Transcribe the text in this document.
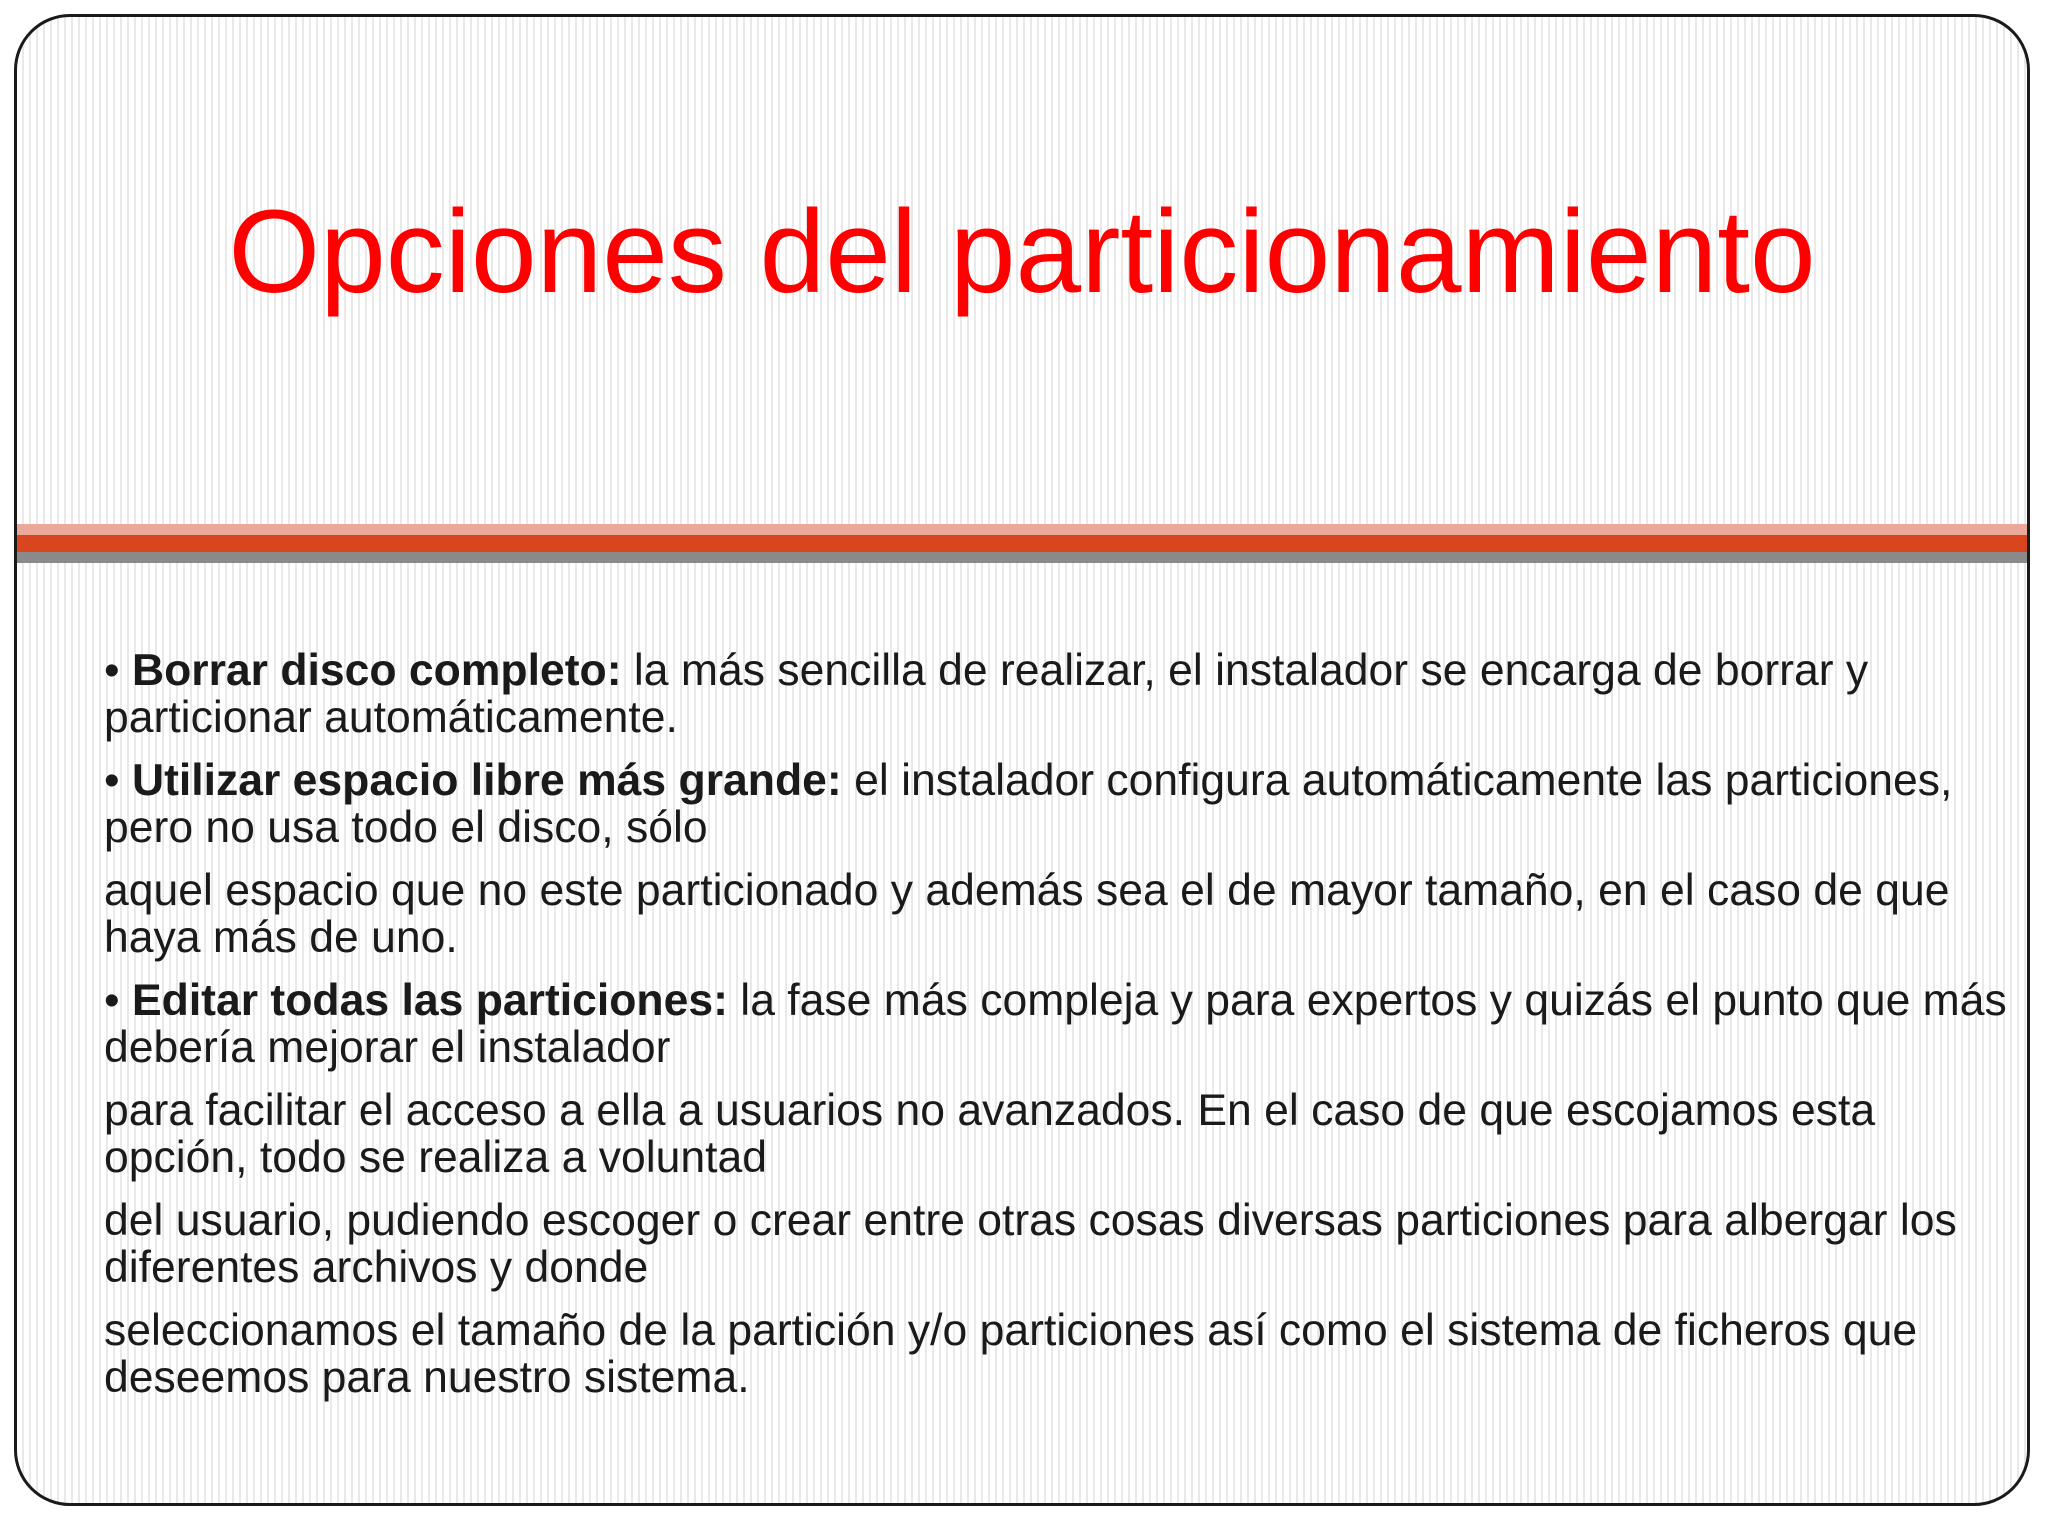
Opciones del particionamiento

• Borrar disco completo: la más sencilla de realizar, el instalador se encarga de borrar y particionar automáticamente.

• Utilizar espacio libre más grande: el instalador configura automáticamente las particiones, pero no usa todo el disco, sólo

aquel espacio que no este particionado y además sea el de mayor tamaño, en el caso de que haya más de uno.

• Editar todas las particiones: la fase más compleja y para expertos y quizás el punto que más debería mejorar el instalador

para facilitar el acceso a ella a usuarios no avanzados. En el caso de que escojamos esta opción, todo se realiza a voluntad

del usuario, pudiendo escoger o crear entre otras cosas diversas particiones para albergar los diferentes archivos y donde

seleccionamos el tamaño de la partición y/o particiones así como el sistema de ficheros que deseemos para nuestro sistema.
